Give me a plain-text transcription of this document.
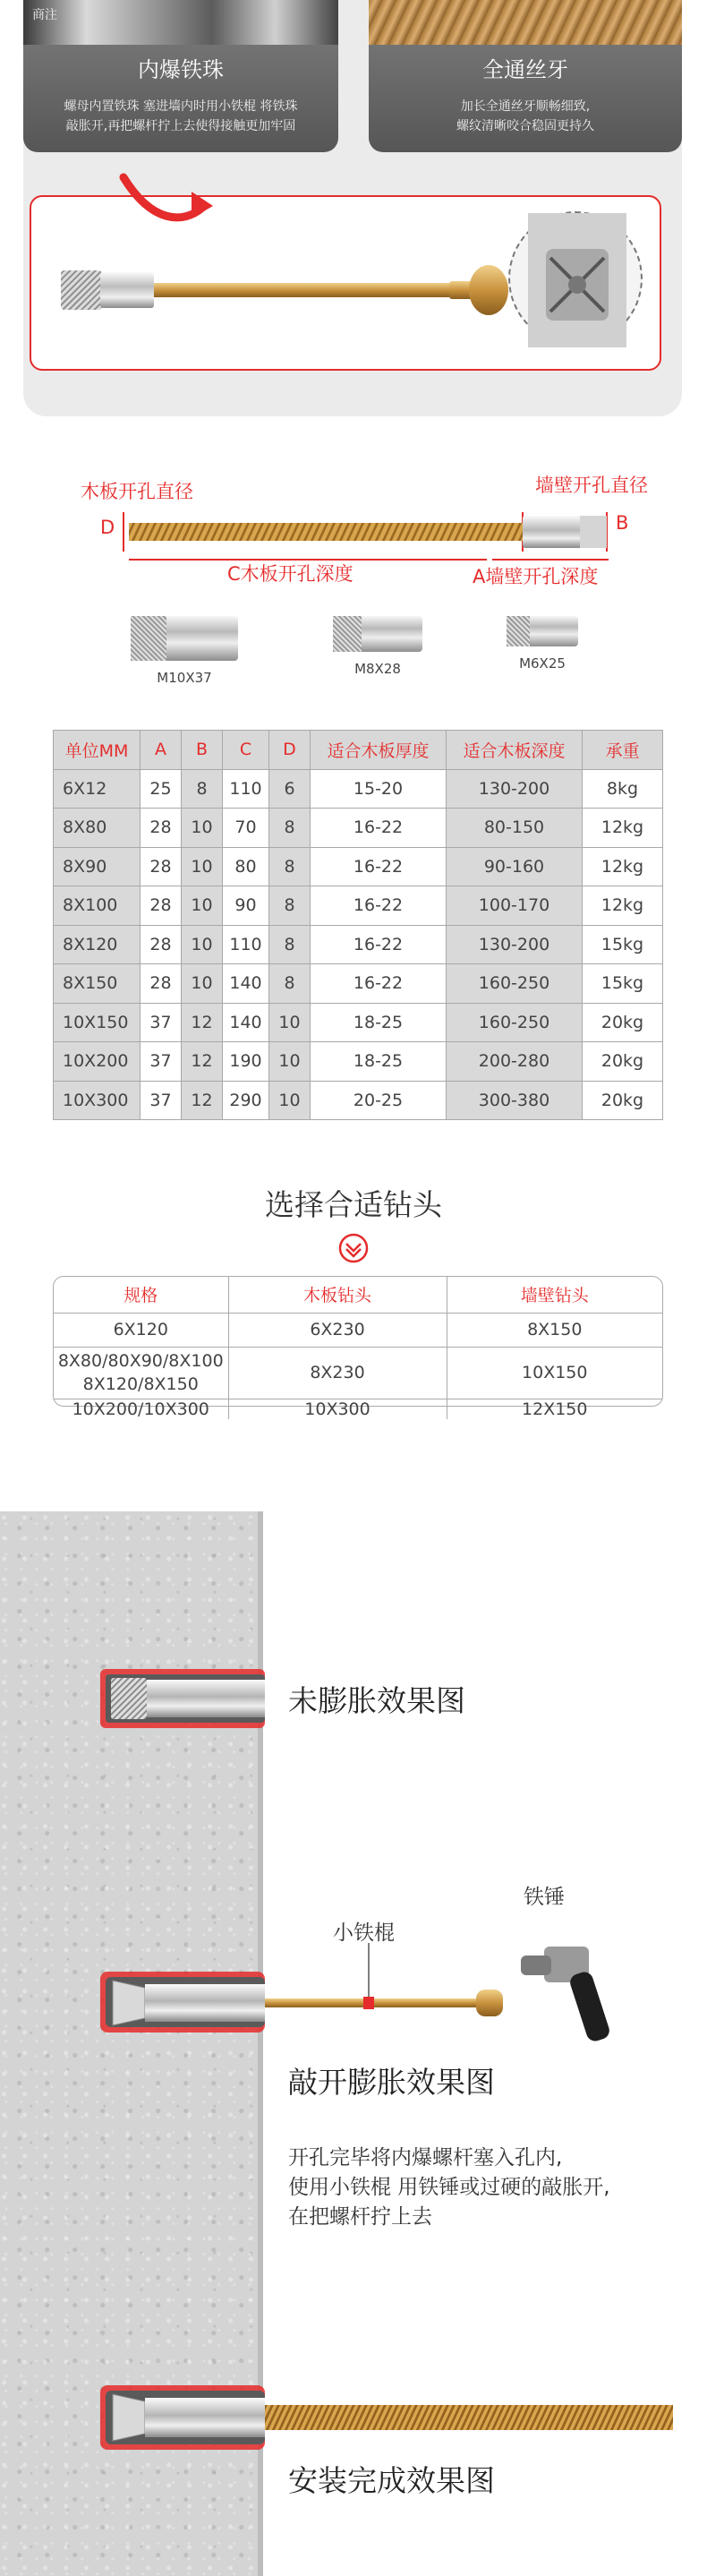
商注
内爆铁珠
螺母内置铁珠 塞进墙内时用小铁棍 将铁珠
敲胀开,再把螺杆拧上去使得接触更加牢固
全通丝牙
加长全通丝牙顺畅细致,
螺纹清晰咬合稳固更持久
木板开孔直径	墙壁开孔直径
D	B
C木板开孔深度	A墙壁开孔深度
M10X37
M8X28	M6X25
单位MM	A	B	C	D	适合木板厚度	适合木板深度	承重
6X12	25	8	110	6	15-20	130-200	8kg
8X80	28	10	70	8	16-22	80-150	12kg
8X90	28	10	80	8	16-22	90-160	12kg
8X100	28	10	90	8	16-22	100-170	12kg
8X120	28	10	110	8	16-22	130-200	15kg
8X150	28	10	140	8	16-22	160-250	15kg
10X150	37	12	140	10	18-25	160-250	20kg
10X200	37	12	190	10	18-25	200-280	20kg
10X300	37	12	290	10	20-25	300-380	20kg
选择合适钻头
规格	木板钻头	墙壁钻头
6X120	6X230	8X150

8X80/80X90/8X100
8X120/8X150	8X230	10X150
10X200/10X300	10X300	12X150
未膨胀效果图
小铁棍
铁锤
敲开膨胀效果图
开孔完毕将内爆螺杆塞入孔内,
使用小铁棍 用铁锤或过硬的敲胀开,
在把螺杆拧上去
安装完成效果图
